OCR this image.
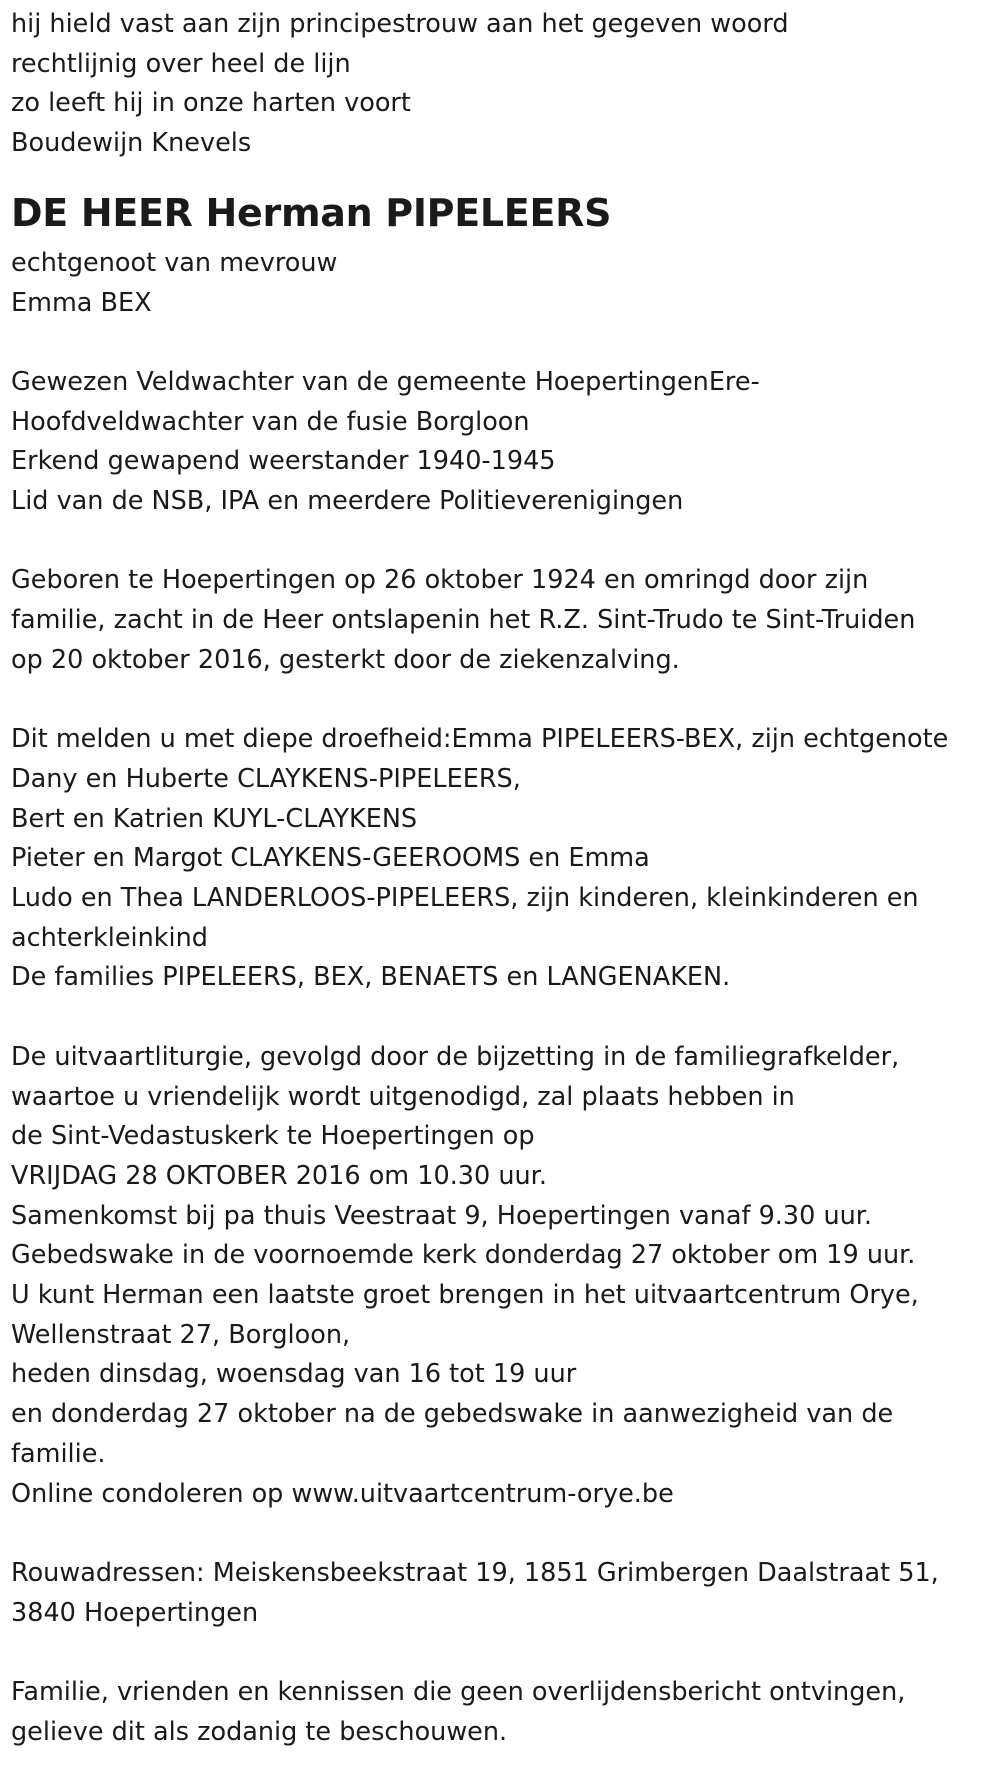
hij hield vast aan zijn principestrouw aan het gegeven woord
rechtlijnig over heel de lijn
zo leeft hij in onze harten voort
Boudewijn Knevels
DE HEER Herman PIPELEERS
echtgenoot van mevrouw
Emma BEX
Gewezen Veldwachter van de gemeente HoepertingenEre-
Hoofdveldwachter van de fusie Borgloon
Erkend gewapend weerstander 1940-1945
Lid van de NSB, IPA en meerdere Politieverenigingen
Geboren te Hoepertingen op 26 oktober 1924 en omringd door zijn
familie, zacht in de Heer ontslapenin het R.Z. Sint-Trudo te Sint-Truiden
op 20 oktober 2016, gesterkt door de ziekenzalving.
Dit melden u met diepe droefheid:Emma PIPELEERS-BEX, zijn echtgenote
Dany en Huberte CLAYKENS-PIPELEERS,
Bert en Katrien KUYL-CLAYKENS
Pieter en Margot CLAYKENS-GEEROOMS en Emma
Ludo en Thea LANDERLOOS-PIPELEERS, zijn kinderen, kleinkinderen en
achterkleinkind
De families PIPELEERS, BEX, BENAETS en LANGENAKEN.
De uitvaartliturgie, gevolgd door de bijzetting in de familiegrafkelder,
waartoe u vriendelijk wordt uitgenodigd, zal plaats hebben in
de Sint-Vedastuskerk te Hoepertingen op
VRIJDAG 28 OKTOBER 2016 om 10.30 uur.
Samenkomst bij pa thuis Veestraat 9, Hoepertingen vanaf 9.30 uur.
Gebedswake in de voornoemde kerk donderdag 27 oktober om 19 uur.
U kunt Herman een laatste groet brengen in het uitvaartcentrum Orye,
Wellenstraat 27, Borgloon,
heden dinsdag, woensdag van 16 tot 19 uur
en donderdag 27 oktober na de gebedswake in aanwezigheid van de
familie.
Online condoleren op www.uitvaartcentrum-orye.be
Rouwadressen: Meiskensbeekstraat 19, 1851 Grimbergen Daalstraat 51,
3840 Hoepertingen
Familie, vrienden en kennissen die geen overlijdensbericht ontvingen,
gelieve dit als zodanig te beschouwen.
